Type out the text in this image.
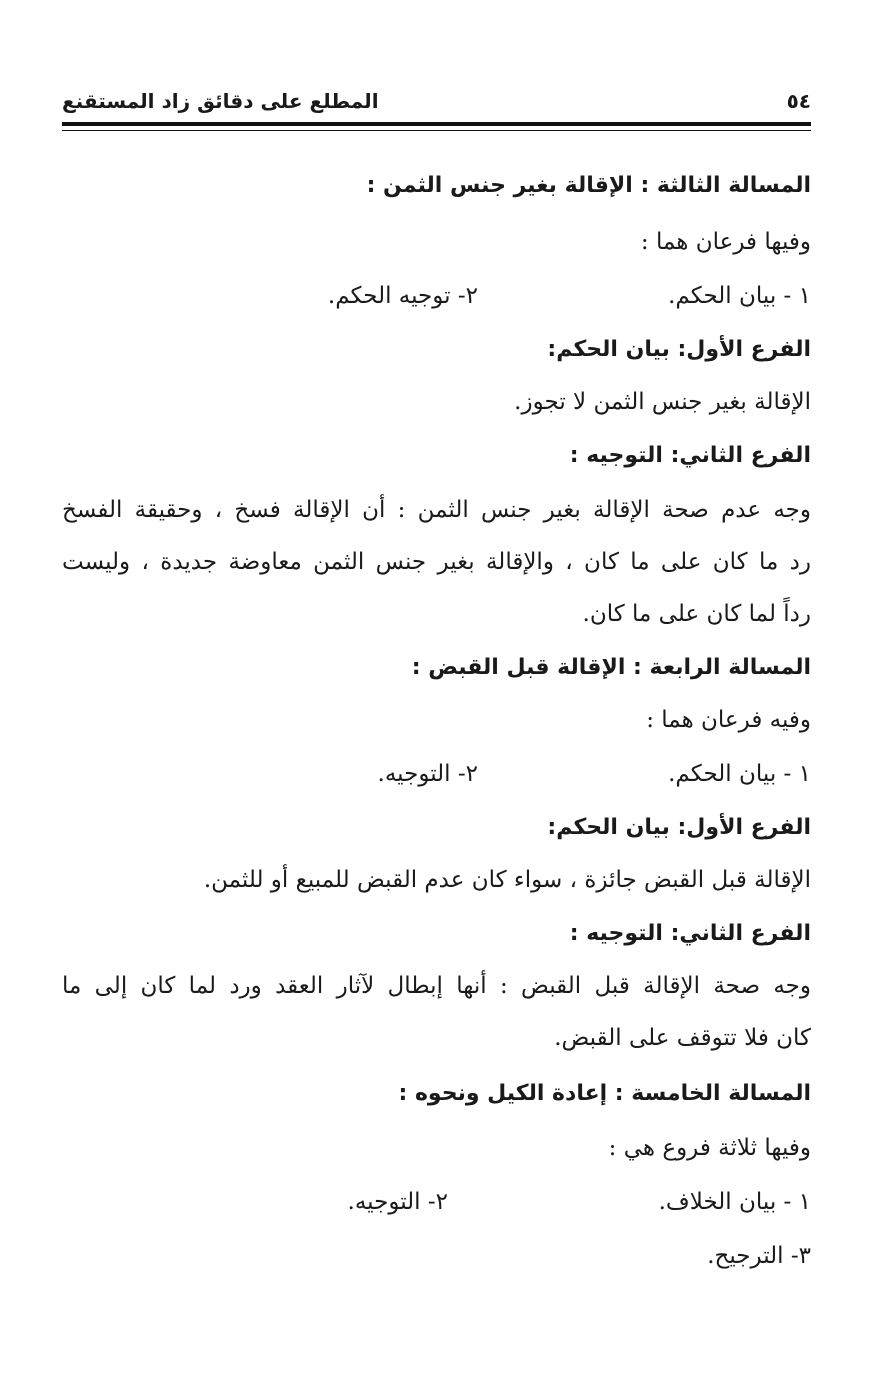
٥٤
المطلع على دقائق زاد المستقنع
المسالة الثالثة : الإقالة بغير جنس الثمن :
وفيها فرعان هما :
١ - بيان الحكم.
٢- توجيه الحكم.
الفرع الأول: بيان الحكم:
الإقالة بغير جنس الثمن لا تجوز.
الفرع الثاني: التوجيه :
وجه عدم صحة الإقالة بغير جنس الثمن : أن الإقالة فسخ ، وحقيقة الفسخ
رد ما كان على ما كان ، والإقالة بغير جنس الثمن معاوضة جديدة ، وليست
رداً لما كان على ما كان.
المسالة الرابعة : الإقالة قبل القبض :
وفيه فرعان هما :
١ - بيان الحكم.
٢- التوجيه.
الفرع الأول: بيان الحكم:
الإقالة قبل القبض جائزة ، سواء كان عدم القبض للمبيع أو للثمن.
الفرع الثاني: التوجيه :
وجه صحة الإقالة قبل القبض : أنها إبطال لآثار العقد ورد لما كان إلى ما
كان فلا تتوقف على القبض.
المسالة الخامسة : إعادة الكيل ونحوه :
وفيها ثلاثة فروع هي :
١ - بيان الخلاف.
٢- التوجيه.
٣- الترجيح.
